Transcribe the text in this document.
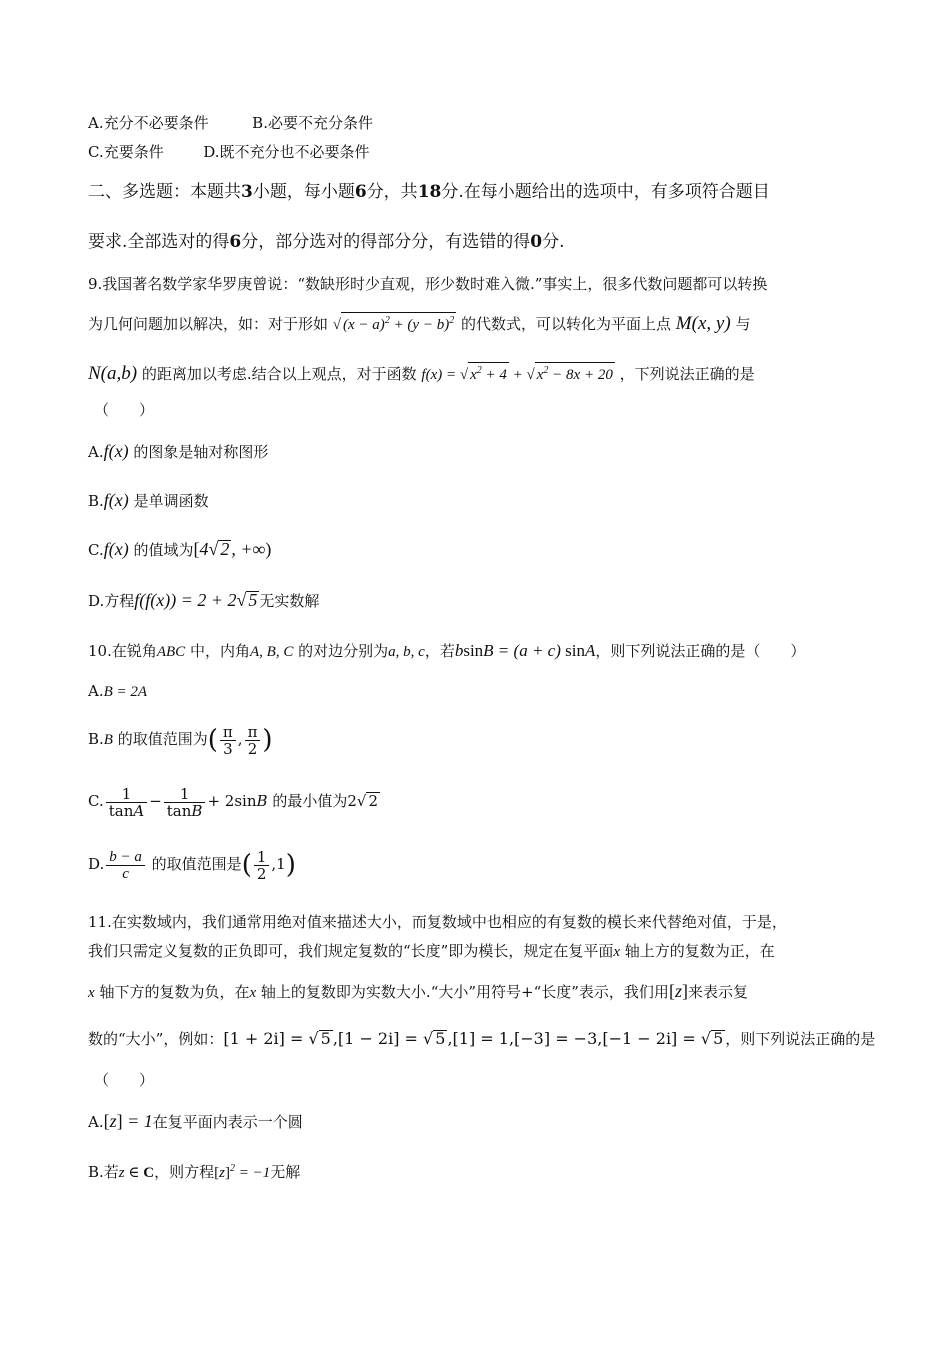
A.充分不必要条件	B.必要不充分条件
C.充要条件	D.既不充分也不必要条件
二、多选题：本题共3小题，每小题6分，共18分.在每小题给出的选项中，有多项符合题目
要求.全部选对的得6分，部分选对的得部分分，有选错的得0分.
9.我国著名数学家华罗庚曾说：“数缺形时少直观，形少数时难入微.”事实上，很多代数问题都可以转换
为几何问题加以解决，如：对于形如 √ $(x - a)^2 + (y - b)^2$ 的代数式，可以转化为平面上点 M(x, y) 与
N(a,b) 的距离加以考虑.结合以上观点，对于函数 f(x) = √ $x^2 + 4$ + √ $x^2 - 8x + 20$ ，下列说法正确的是
（　　）
A.f(x) 的图象是轴对称图形
B.f(x) 是单调函数
C.f(x) 的值域为[4√ 2 , +∞)
D.方程f(f(x)) = 2 + 2√ 5 无实数解
10.在锐角ABC 中，内角A, B, C 的对边分别为a, b, c，若bsinB = (a + c) sinA，则下列说法正确的是（　　）
A.B = 2A
B.B 的取值范围为( $\frac{\pi}{3}$ , $\frac{\pi}{2}$ )
C. $\frac{1}{\tan A} - \frac{1}{\tan B} + 2\sin B$ 的最小值为2√ 2
D. $\frac{b - a}{c}$ 的取值范围是( $\frac{1}{2} ,1$)
11.在实数域内，我们通常用绝对值来描述大小，而复数域中也相应的有复数的模长来代替绝对值，于是，
我们只需定义复数的正负即可，我们规定复数的“长度”即为模长，规定在复平面x 轴上方的复数为正，在
x 轴下方的复数为负，在x 轴上的复数即为实数大小.“大小”用符号+“长度”表示，我们用[z]来表示复
数的“大小”，例如：[1 + 2i] = √ 5 ,[1 − 2i] = √ 5 ,[1] = 1,[−3] = −3,[−1 − 2i] = √ 5 ，则下列说法正确的是
（　　）
A.[z] = 1在复平面内表示一个圆
B.若z ∈ C，则方程$[z]^2 = -1$无解
